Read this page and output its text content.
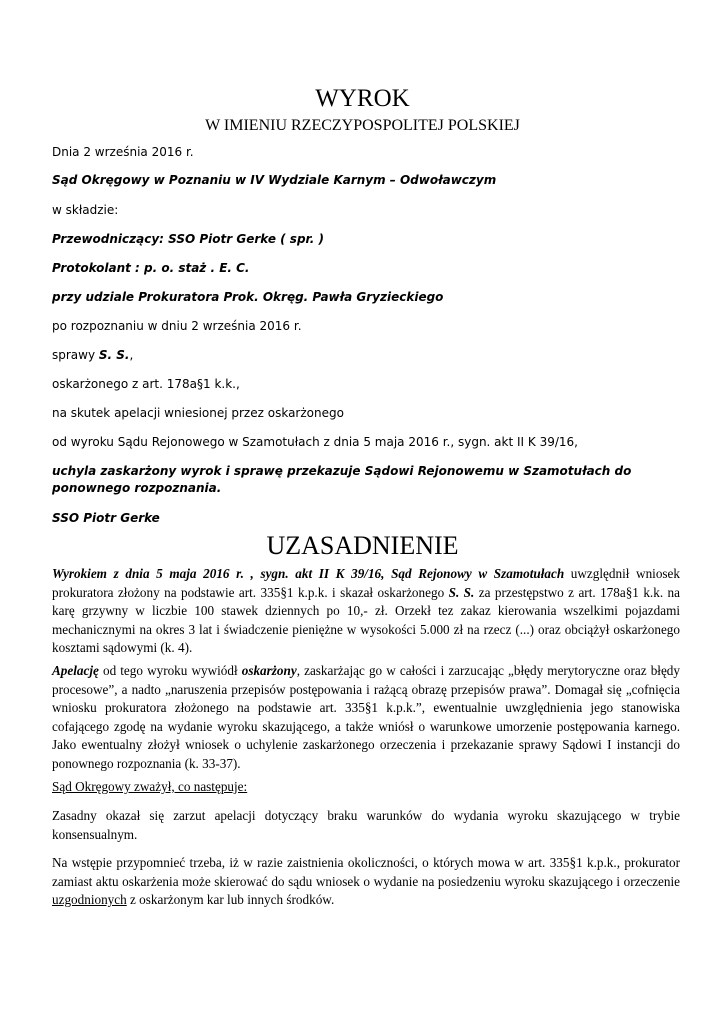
WYROK
W IMIENIU RZECZYPOSPOLITEJ POLSKIEJ
Dnia 2 września 2016 r.
Sąd Okręgowy w Poznaniu w IV Wydziale Karnym – Odwoławczym
w składzie:
Przewodniczący: SSO Piotr Gerke ( spr. )
Protokolant : p. o. staż . E. C.
przy udziale Prokuratora Prok. Okręg. Pawła Gryzieckiego
po rozpoznaniu w dniu 2 września 2016 r.
sprawy S. S.,
oskarżonego z art. 178a§1 k.k.,
na skutek apelacji wniesionej przez oskarżonego
od wyroku Sądu Rejonowego w Szamotułach z dnia 5 maja 2016 r., sygn. akt II K 39/16,
uchyla zaskarżony wyrok i sprawę przekazuje Sądowi Rejonowemu w Szamotułach do ponownego rozpoznania.
SSO Piotr Gerke
UZASADNIENIE
Wyrokiem z dnia 5 maja 2016 r. , sygn. akt II K 39/16, Sąd Rejonowy w Szamotułach uwzględnił wniosek prokuratora złożony na podstawie art. 335§1 k.p.k. i skazał oskarżonego S. S. za przestępstwo z art. 178a§1 k.k. na karę grzywny w liczbie 100 stawek dziennych po 10,- zł. Orzekł tez zakaz kierowania wszelkimi pojazdami mechanicznymi na okres 3 lat i świadczenie pieniężne w wysokości 5.000 zł na rzecz (...) oraz obciążył oskarżonego kosztami sądowymi (k. 4).
Apelację od tego wyroku wywiódł oskarżony, zaskarżając go w całości i zarzucając „błędy merytoryczne oraz błędy procesowe”, a nadto „naruszenia przepisów postępowania i rażącą obrazę przepisów prawa”. Domagał się „cofnięcia wniosku prokuratora złożonego na podstawie art. 335§1 k.p.k.”, ewentualnie uwzględnienia jego stanowiska cofającego zgodę na wydanie wyroku skazującego, a także wniósł o warunkowe umorzenie postępowania karnego. Jako ewentualny złożył wniosek o uchylenie zaskarżonego orzeczenia i przekazanie sprawy Sądowi I instancji do ponownego rozpoznania (k. 33-37).
Sąd Okręgowy zważył, co następuje:
Zasadny okazał się zarzut apelacji dotyczący braku warunków do wydania wyroku skazującego w trybie konsensualnym.
Na wstępie przypomnieć trzeba, iż w razie zaistnienia okoliczności, o których mowa w art. 335§1 k.p.k., prokurator zamiast aktu oskarżenia może skierować do sądu wniosek o wydanie na posiedzeniu wyroku skazującego i orzeczenie uzgodnionych z oskarżonym kar lub innych środków.
